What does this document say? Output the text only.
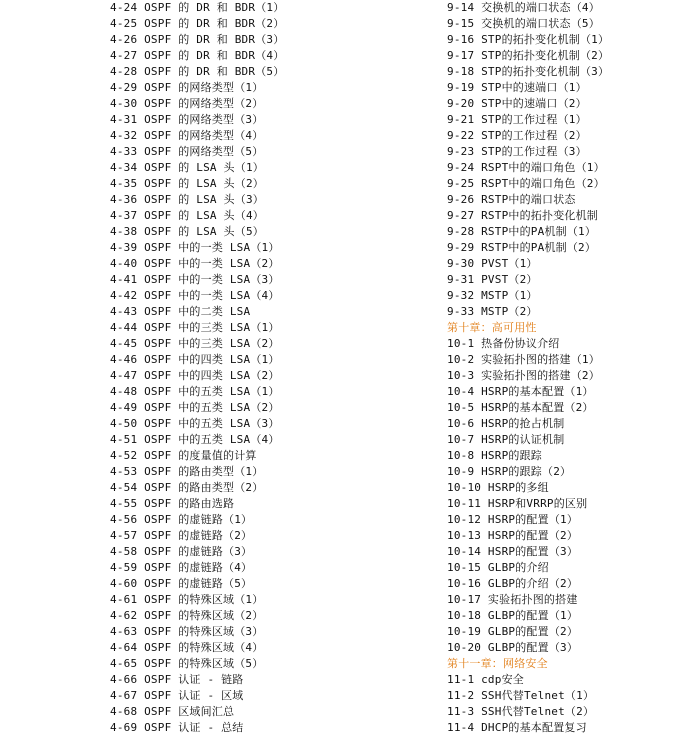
4-24 OSPF 的 DR 和 BDR（1）
4-25 OSPF 的 DR 和 BDR（2）
4-26 OSPF 的 DR 和 BDR（3）
4-27 OSPF 的 DR 和 BDR（4）
4-28 OSPF 的 DR 和 BDR（5）
4-29 OSPF 的网络类型（1）
4-30 OSPF 的网络类型（2）
4-31 OSPF 的网络类型（3）
4-32 OSPF 的网络类型（4）
4-33 OSPF 的网络类型（5）
4-34 OSPF 的 LSA 头（1）
4-35 OSPF 的 LSA 头（2）
4-36 OSPF 的 LSA 头（3）
4-37 OSPF 的 LSA 头（4）
4-38 OSPF 的 LSA 头（5）
4-39 OSPF 中的一类 LSA（1）
4-40 OSPF 中的一类 LSA（2）
4-41 OSPF 中的一类 LSA（3）
4-42 OSPF 中的一类 LSA（4）
4-43 OSPF 中的二类 LSA
4-44 OSPF 中的三类 LSA（1）
4-45 OSPF 中的三类 LSA（2）
4-46 OSPF 中的四类 LSA（1）
4-47 OSPF 中的四类 LSA（2）
4-48 OSPF 中的五类 LSA（1）
4-49 OSPF 中的五类 LSA（2）
4-50 OSPF 中的五类 LSA（3）
4-51 OSPF 中的五类 LSA（4）
4-52 OSPF 的度量值的计算
4-53 OSPF 的路由类型（1）
4-54 OSPF 的路由类型（2）
4-55 OSPF 的路由选路
4-56 OSPF 的虚链路（1）
4-57 OSPF 的虚链路（2）
4-58 OSPF 的虚链路（3）
4-59 OSPF 的虚链路（4）
4-60 OSPF 的虚链路（5）
4-61 OSPF 的特殊区域（1）
4-62 OSPF 的特殊区域（2）
4-63 OSPF 的特殊区域（3）
4-64 OSPF 的特殊区域（4）
4-65 OSPF 的特殊区域（5）
4-66 OSPF 认证 - 链路
4-67 OSPF 认证 - 区域
4-68 OSPF 区域间汇总
4-69 OSPF 认证 - 总结
9-14 交换机的端口状态（4）
9-15 交换机的端口状态（5）
9-16 STP的拓扑变化机制（1）
9-17 STP的拓扑变化机制（2）
9-18 STP的拓扑变化机制（3）
9-19 STP中的速端口（1）
9-20 STP中的速端口（2）
9-21 STP的工作过程（1）
9-22 STP的工作过程（2）
9-23 STP的工作过程（3）
9-24 RSPT中的端口角色（1）
9-25 RSPT中的端口角色（2）
9-26 RSTP中的端口状态
9-27 RSTP中的拓扑变化机制
9-28 RSTP中的PA机制（1）
9-29 RSTP中的PA机制（2）
9-30 PVST（1）
9-31 PVST（2）
9-32 MSTP（1）
9-33 MSTP（2）
第十章：高可用性
10-1 热备份协议介绍
10-2 实验拓扑图的搭建（1）
10-3 实验拓扑图的搭建（2）
10-4 HSRP的基本配置（1）
10-5 HSRP的基本配置（2）
10-6 HSRP的抢占机制
10-7 HSRP的认证机制
10-8 HSRP的跟踪
10-9 HSRP的跟踪（2）
10-10 HSRP的多组
10-11 HSRP和VRRP的区别
10-12 HSRP的配置（1）
10-13 HSRP的配置（2）
10-14 HSRP的配置（3）
10-15 GLBP的介绍
10-16 GLBP的介绍（2）
10-17 实验拓扑图的搭建
10-18 GLBP的配置（1）
10-19 GLBP的配置（2）
10-20 GLBP的配置（3）
第十一章：网络安全
11-1 cdp安全
11-2 SSH代替Telnet（1）
11-3 SSH代替Telnet（2）
11-4 DHCP的基本配置复习
